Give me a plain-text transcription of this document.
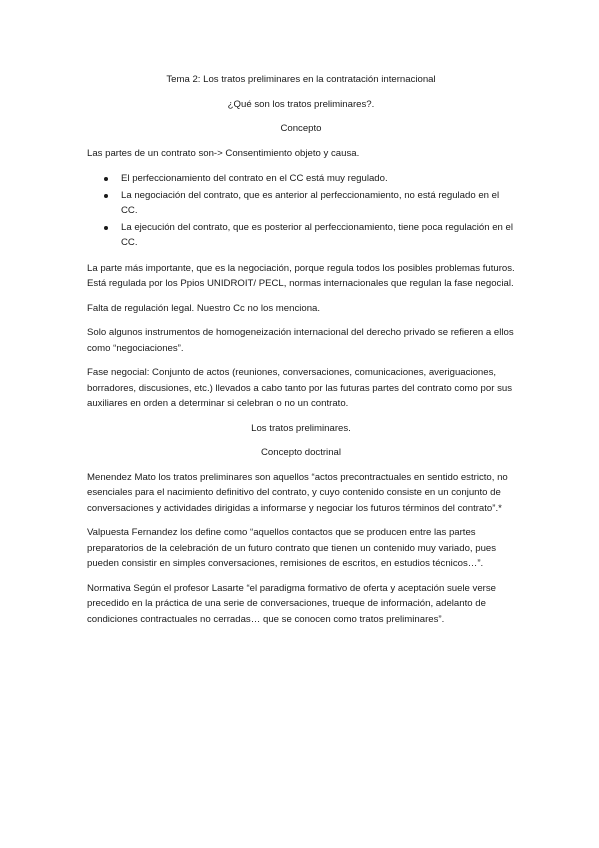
Tema 2: Los tratos preliminares en la contratación internacional

¿Qué son los tratos preliminares?.

Concepto

Las partes de un contrato son-> Consentimiento objeto y causa.

El perfeccionamiento del contrato en el CC está muy regulado.
La negociación del contrato, que es anterior al perfeccionamiento, no está regulado en el CC.
La ejecución del contrato, que es posterior al perfeccionamiento, tiene poca regulación en el CC.

La parte más importante, que es la negociación, porque regula todos los posibles problemas futuros. Está regulada por los Ppios UNIDROIT/ PECL, normas internacionales que regulan la fase negocial.

Falta de regulación legal. Nuestro Cc no los menciona.

Solo algunos instrumentos de homogeneización internacional del derecho privado se refieren a ellos como “negociaciones”.

Fase negocial: Conjunto de actos (reuniones, conversaciones, comunicaciones, averiguaciones, borradores, discusiones, etc.) llevados a cabo tanto por las futuras partes del contrato como por sus auxiliares en orden a determinar si celebran o no un contrato.

Los tratos preliminares.

Concepto doctrinal

Menendez Mato los tratos preliminares son aquellos “actos precontractuales en sentido estricto, no esenciales para el nacimiento definitivo del contrato, y cuyo contenido consiste en un conjunto de conversaciones y actividades dirigidas a informarse y negociar los futuros términos del contrato”.*

Valpuesta Fernandez los define como “aquellos contactos que se producen entre las partes preparatorios de la celebración de un futuro contrato que tienen un contenido muy variado, pues pueden consistir en simples conversaciones, remisiones de escritos, en estudios técnicos…”.

Normativa Según el profesor Lasarte “el paradigma formativo de oferta y aceptación suele verse precedido en la práctica de una serie de conversaciones, trueque de información, adelanto de condiciones contractuales no cerradas… que se conocen como tratos preliminares”.
